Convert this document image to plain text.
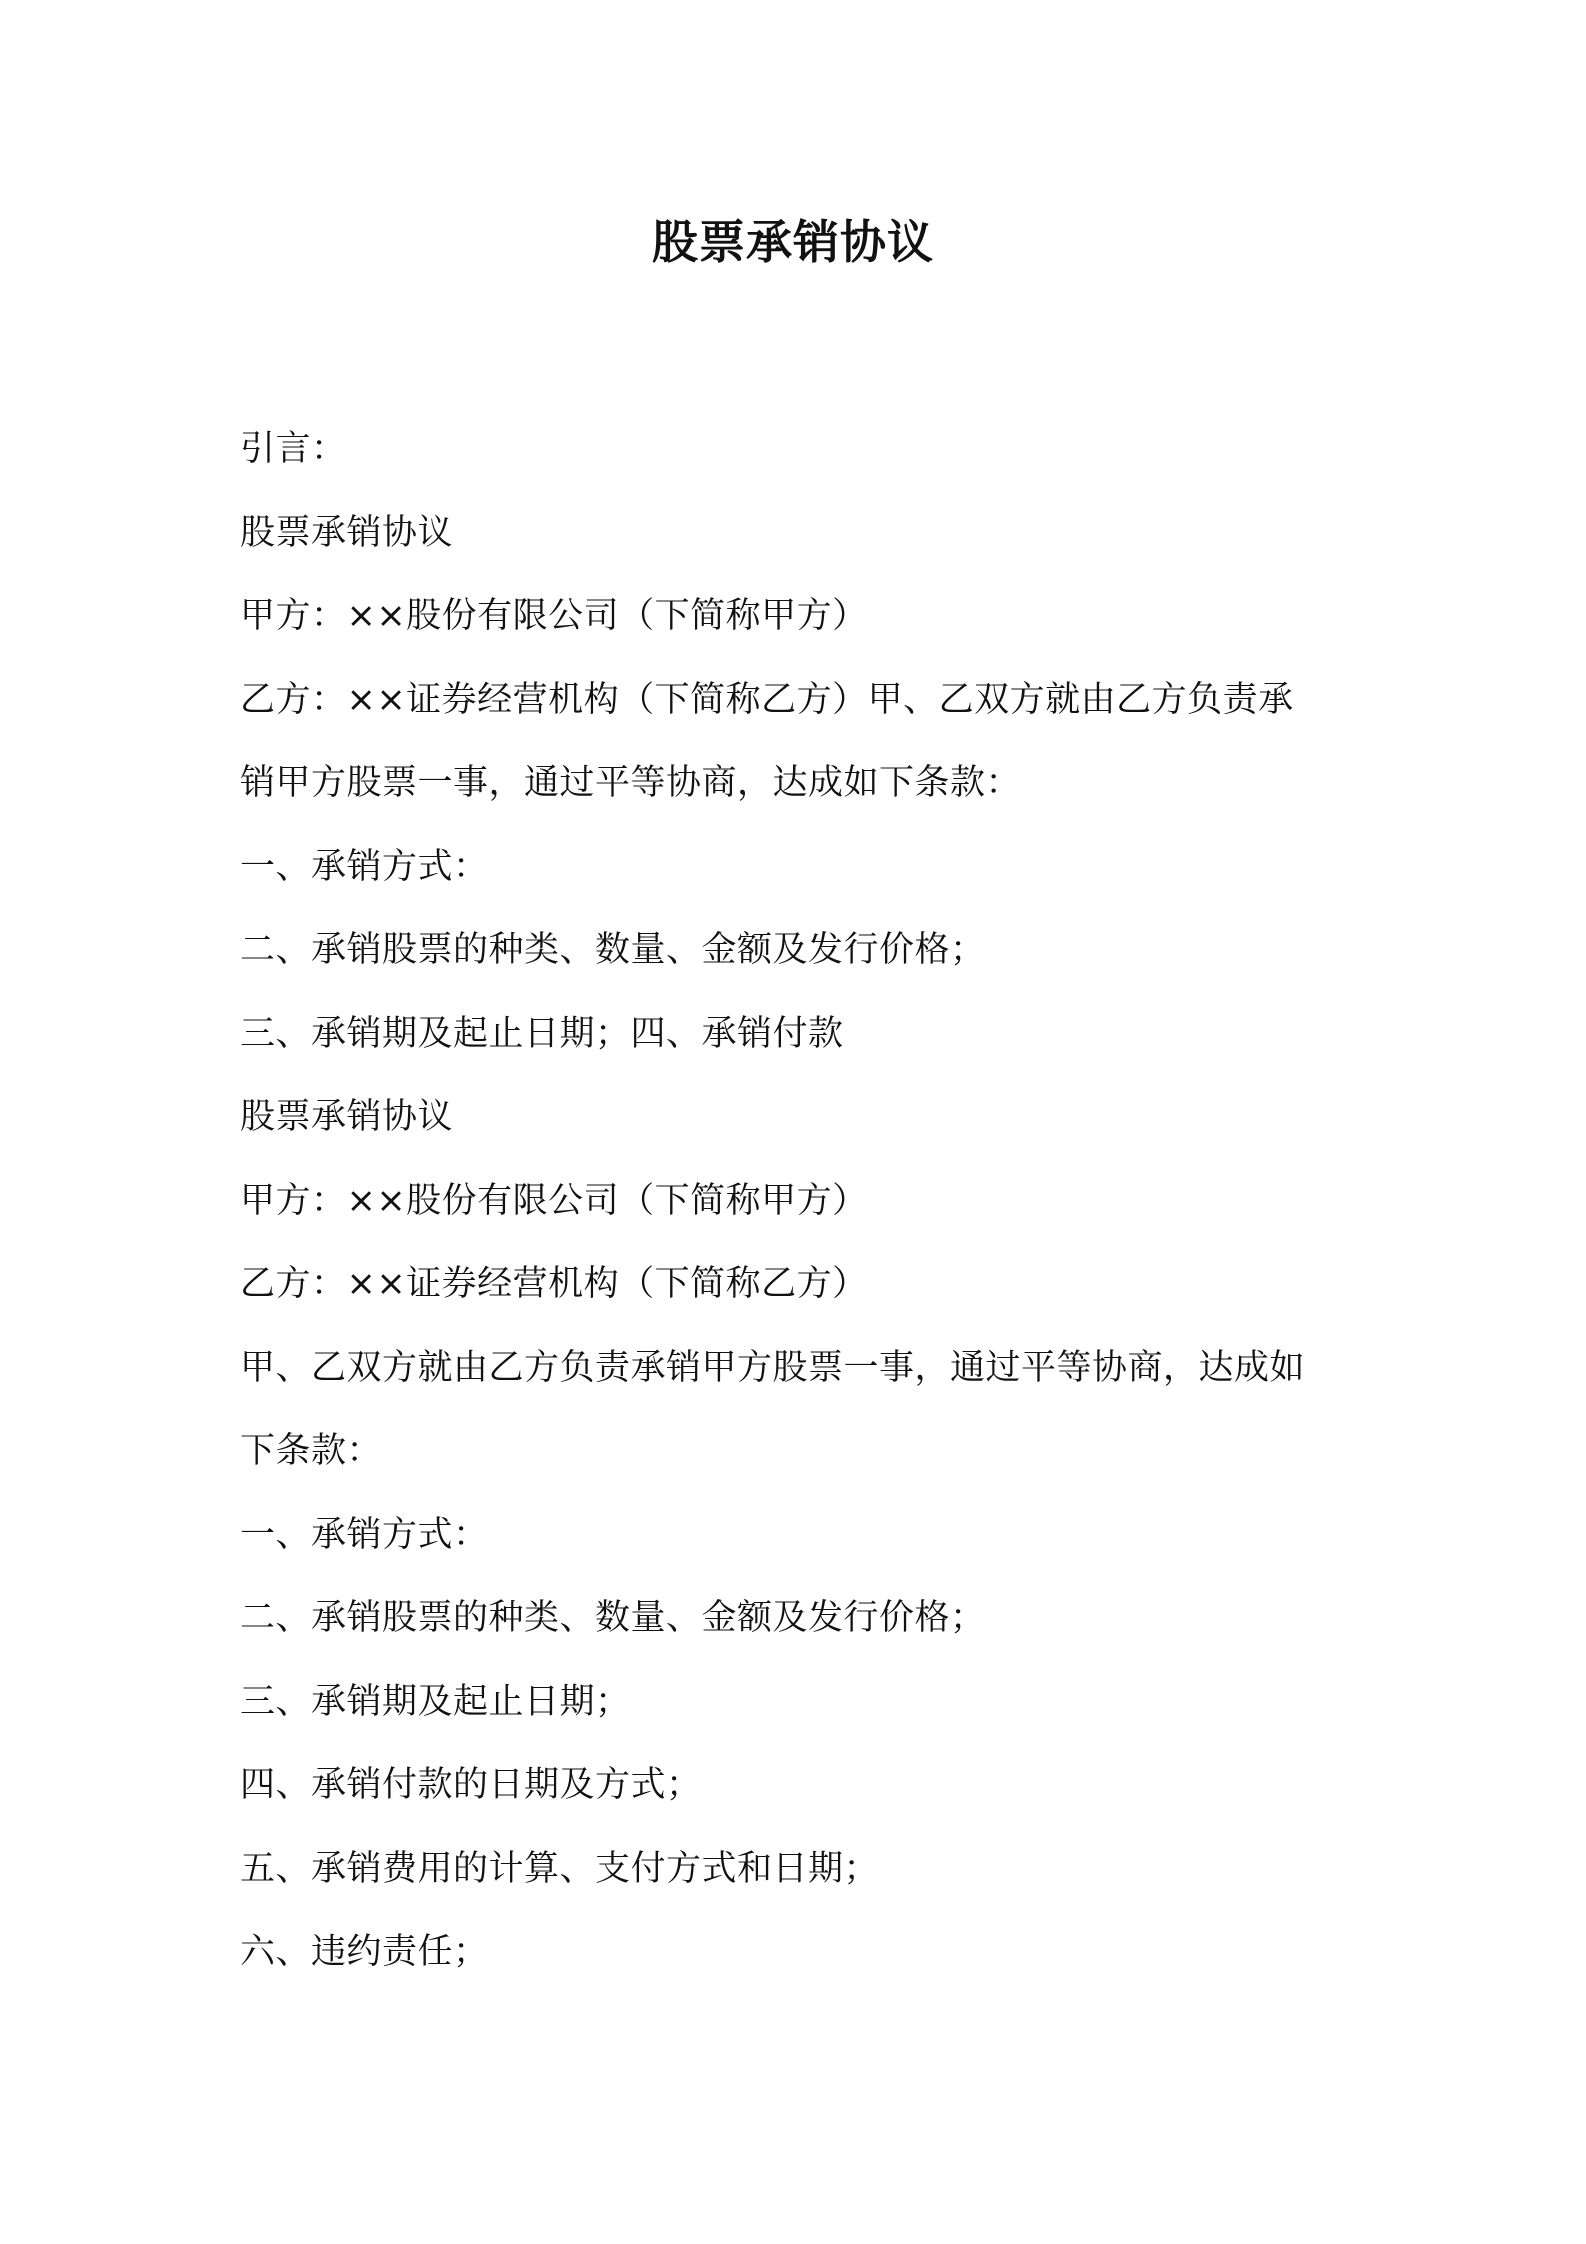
股票承销协议
引言：
股票承销协议
甲方：××股份有限公司（下简称甲方）
乙方：××证券经营机构（下简称乙方）甲、乙双方就由乙方负责承
销甲方股票一事，通过平等协商，达成如下条款：
一、承销方式：
二、承销股票的种类、数量、金额及发行价格；
三、承销期及起止日期；四、承销付款
股票承销协议
甲方：××股份有限公司（下简称甲方）
乙方：××证券经营机构（下简称乙方）
甲、乙双方就由乙方负责承销甲方股票一事，通过平等协商，达成如
下条款：
一、承销方式：
二、承销股票的种类、数量、金额及发行价格；
三、承销期及起止日期；
四、承销付款的日期及方式；
五、承销费用的计算、支付方式和日期；
六、违约责任；
